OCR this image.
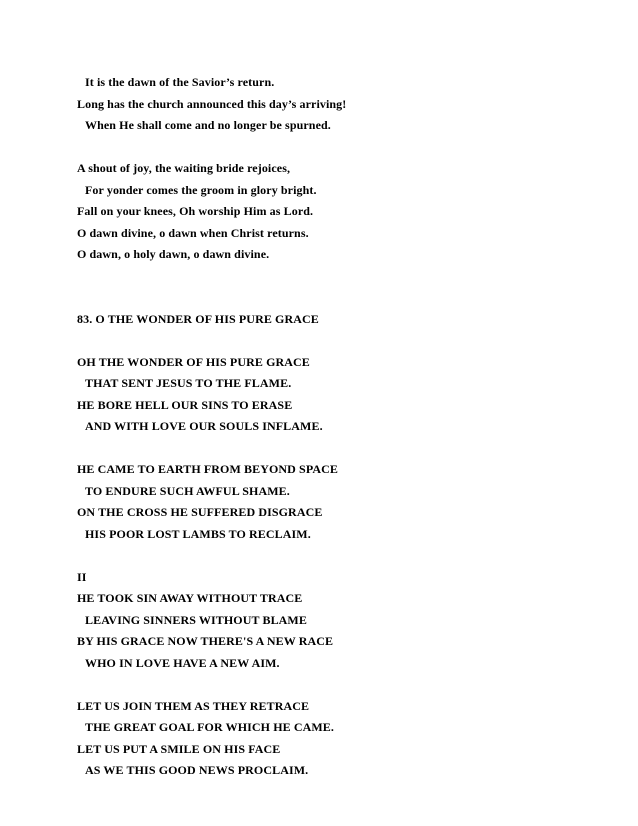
It is the dawn of the Savior’s return.
Long has the church announced this day’s arriving!
When He shall come and no longer be spurned.
A shout of joy, the waiting bride rejoices,
For yonder comes the groom in glory bright.
Fall on your knees, Oh worship Him as Lord.
O dawn divine, o dawn when Christ returns.
O dawn, o holy dawn, o dawn divine.
83. O THE WONDER OF HIS PURE GRACE
OH THE WONDER OF HIS PURE GRACE
THAT SENT JESUS TO THE FLAME.
HE BORE HELL OUR SINS TO ERASE
AND WITH LOVE OUR SOULS INFLAME.
HE CAME TO EARTH FROM BEYOND SPACE
TO ENDURE SUCH AWFUL SHAME.
ON THE CROSS HE SUFFERED DISGRACE
HIS POOR LOST LAMBS TO RECLAIM.
II
HE TOOK SIN AWAY WITHOUT TRACE
LEAVING SINNERS WITHOUT BLAME
BY HIS GRACE NOW THERE'S A NEW RACE
WHO IN LOVE HAVE A NEW AIM.
LET US JOIN THEM AS THEY RETRACE
THE GREAT GOAL FOR WHICH HE CAME.
LET US PUT A SMILE ON HIS FACE
AS WE THIS GOOD NEWS PROCLAIM.
